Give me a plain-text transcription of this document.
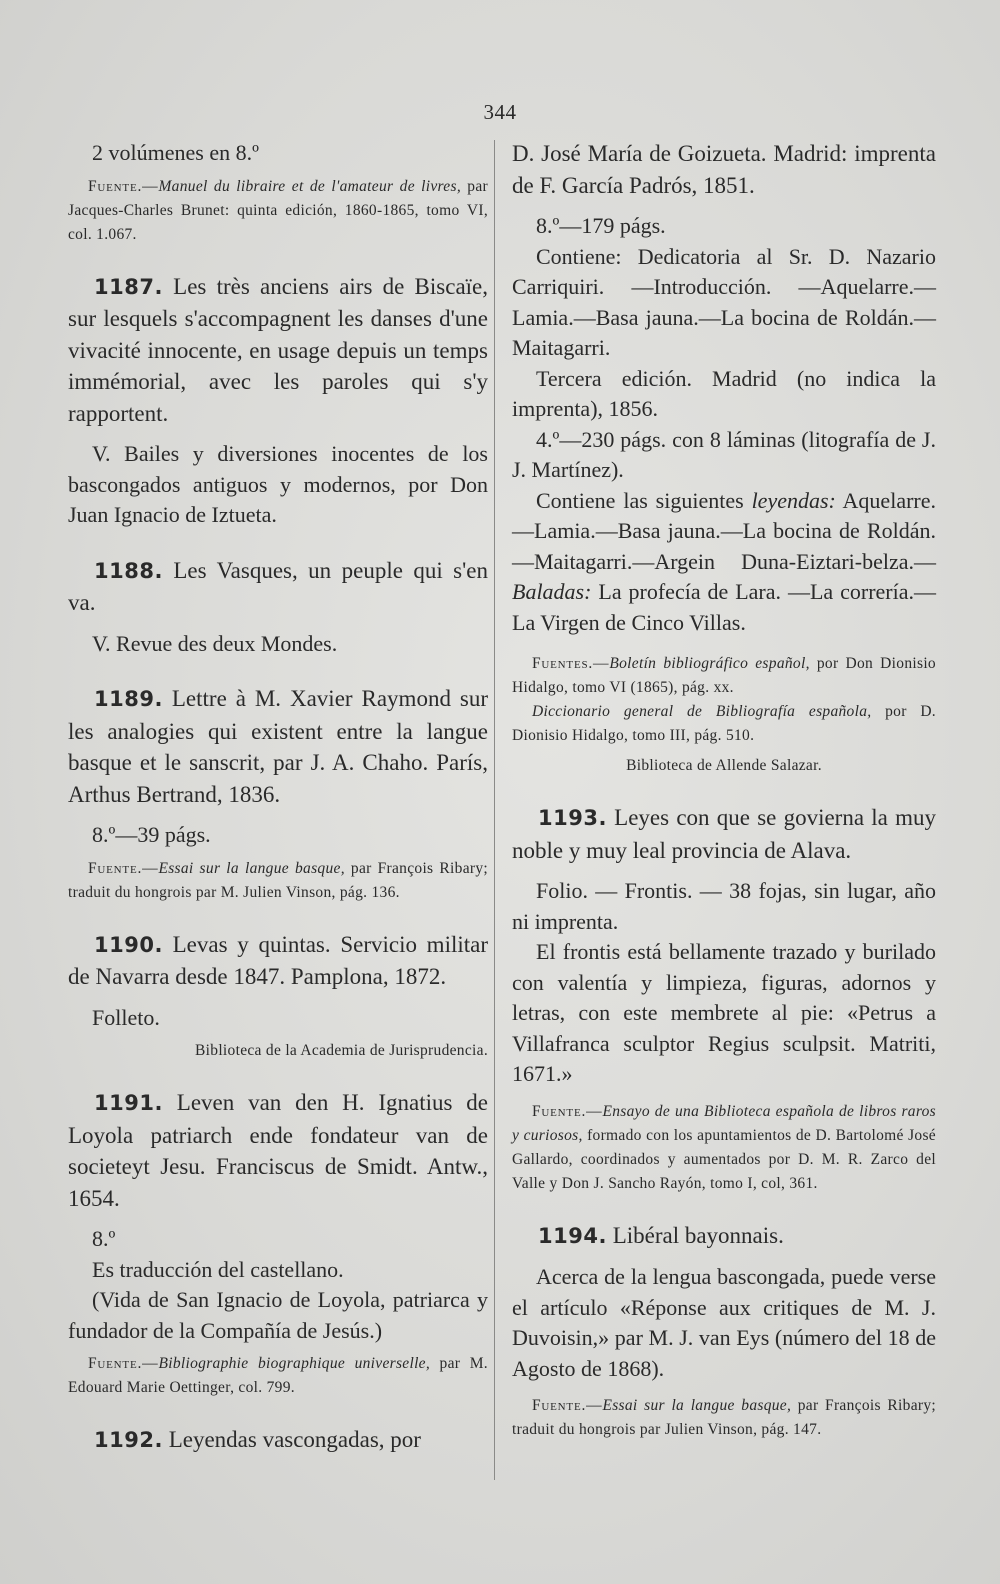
344

2 volúmenes en 8.º

Fuente.—Manuel du libraire et de l'amateur de livres, par Jacques-Charles Brunet: quinta edición, 1860-1865, tomo VI, col. 1.067.

1187. Les très anciens airs de Biscaïe, sur lesquels s'accompagnent les danses d'une vivacité innocente, en usage depuis un temps immémorial, avec les paroles qui s'y rapportent.

V. Bailes y diversiones inocentes de los bascongados antiguos y modernos, por Don Juan Ignacio de Iztueta.

1188. Les Vasques, un peuple qui s'en va.

V. Revue des deux Mondes.

1189. Lettre à M. Xavier Raymond sur les analogies qui existent entre la langue basque et le sanscrit, par J. A. Chaho. París, Arthus Bertrand, 1836.

8.º—39 págs.

Fuente.—Essai sur la langue basque, par François Ribary; traduit du hongrois par M. Julien Vinson, pág. 136.

1190. Levas y quintas. Servicio militar de Navarra desde 1847. Pamplona, 1872.

Folleto.

Biblioteca de la Academia de Jurisprudencia.

1191. Leven van den H. Ignatius de Loyola patriarch ende fondateur van de societeyt Jesu. Franciscus de Smidt. Antw., 1654.

8.º

Es traducción del castellano.

(Vida de San Ignacio de Loyola, patriarca y fundador de la Compañía de Jesús.)

Fuente.—Bibliographie biographique universelle, par M. Edouard Marie Oettinger, col. 799.

1192. Leyendas vascongadas, por

D. José María de Goizueta. Madrid: imprenta de F. García Padrós, 1851.

8.º—179 págs.

Contiene: Dedicatoria al Sr. D. Nazario Carriquiri. —Introducción. —Aquelarre.—Lamia.—Basa jauna.—La bocina de Roldán.—Maitagarri.

Tercera edición. Madrid (no indica la imprenta), 1856.

4.º—230 págs. con 8 láminas (litografía de J. J. Martínez).

Contiene las siguientes leyendas: Aquelarre.—Lamia.—Basa jauna.—La bocina de Roldán.—Maitagarri.—Argein Duna-Eiztari-belza.—Baladas: La profecía de Lara. —La correría.—La Virgen de Cinco Villas.

Fuentes.—Boletín bibliográfico español, por Don Dionisio Hidalgo, tomo VI (1865), pág. xx.

Diccionario general de Bibliografía española, por D. Dionisio Hidalgo, tomo III, pág. 510.

Biblioteca de Allende Salazar.

1193. Leyes con que se govierna la muy noble y muy leal provincia de Alava.

Folio. — Frontis. — 38 fojas, sin lugar, año ni imprenta.

El frontis está bellamente trazado y burilado con valentía y limpieza, figuras, adornos y letras, con este membrete al pie: «Petrus a Villafranca sculptor Regius sculpsit. Matriti, 1671.»

Fuente.—Ensayo de una Biblioteca española de libros raros y curiosos, formado con los apuntamientos de D. Bartolomé José Gallardo, coordinados y aumentados por D. M. R. Zarco del Valle y Don J. Sancho Rayón, tomo I, col, 361.

1194. Libéral bayonnais.

Acerca de la lengua bascongada, puede verse el artículo «Réponse aux critiques de M. J. Duvoisin,» par M. J. van Eys (número del 18 de Agosto de 1868).

Fuente.—Essai sur la langue basque, par François Ribary; traduit du hongrois par Julien Vinson, pág. 147.
